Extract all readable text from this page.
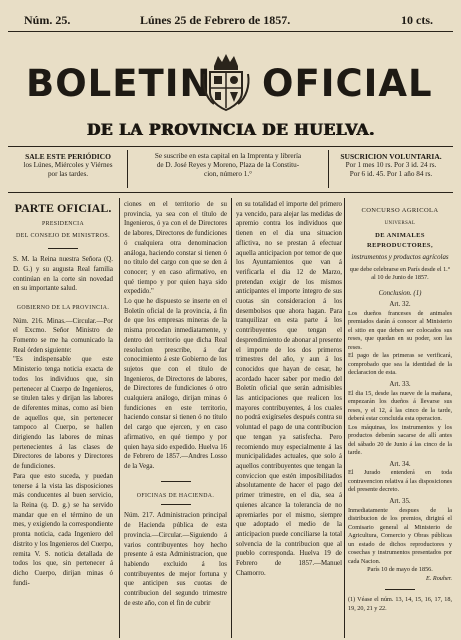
Núm. 25.	Lúnes 25 de Febrero de 1857.	10 cts.
BOLETIN OFICIAL
DE LA PROVINCIA DE HUELVA.
SALE ESTE PERIÓDICO
los Lúnes, Miércoles y Viérnes
por las tardes.
Se suscribe en esta capital en la Imprenta y librería
de D. José Reyes y Moreno, Plaza de la Constitu-
cion, número 1.°
SUSCRICION VOLUNTARIA.
Por 1 mes 10 rs. Por 3 id. 24 rs.
Por 6 id. 45. Por 1 año 84 rs.
PARTE OFICIAL.
PRESIDENCIA
DEL CONSEJO DE MINISTROS.

S. M. la Reina nuestra Señora (Q. D. G.) y su augusta Real familia continúan en la corte sin novedad en su importante salud.

GOBIERNO DE LA PROVINCIA.

Núm. 216. Minas.—Circular.—Por el Excmo. Señor Ministro de Fomento se me ha comunicado la Real órden siguiente:

"Es indispensable que este Ministerio tenga noticia exacta de todos los individuos que, sin pertenecer al Cuerpo de Ingenieros, se titulen tales y dirijan las labores de diferentes minas, como así bien de aquellos que, sin pertenecer tampoco al Cuerpo, se hallen dirigiendo las labores de minas pertenecientes á las clases de Directores de labores y Directores de fundiciones.

Para que esto suceda, y puedan tenerse á la vista las disposiciones más conducentes al buen servicio, la Reina (q. D. g.) se ha servido mandar que en el término de un mes, y exigiendo la correspondiente pronta noticia, cada Ingeniero del distrito y los Ingenieros del Cuerpo, remita V. S. noticia detallada de todos los que, sin pertenecer á dicho Cuerpo, dirijan minas ó fundi-

ciones en el territorio de su provincia, ya sea con el título de Ingenieros, ó ya con el de Directores de labores, Directores de fundiciones ó cualquiera otra denominacion análoga, haciendo constar si tienen ó no título del cargo con que se den á conocer; y en caso afirmativo, en qué tiempo y por quien haya sido expedido."

Lo que he dispuesto se inserte en el Boletín oficial de la provincia, á fin de que los empresas mineras de la misma procedan inmediatamente, y dentro del territorio que dicha Real resolucion prescribe, á dar conocimiento á este Gobierno de los sujetos que con el título de Ingenieros, de Directores de labores, de Directores de fundiciones ó otro cualquiera análogo, dirijan minas ó fundiciones en este territorio, haciendo constar si tienen ó no título del cargo que ejercen, y en caso afirmativo, en qué tiempo y por quien haya sido expedido. Huelva 16 de Febrero de 1857.—Andres Losso de la Vega.

OFICINAS DE HACIENDA.

Núm. 217. Administracion principal de Hacienda pública de esta provincia.—Circular.—Siguiendo á varios contribuyentes hoy hecho presente á esta Administracion, que habiendo excluido á los contribuyentes de mejor fortuna y que anticipen sus cuotas de contribucion del segundo trimestre de este año, con el fin de cubrir

en su totalidad el importe del primero ya vencido, para alejar las medidas de apremio contra los individuos que tienen en el dia una situacion aflictiva, no se prestan á efectuar aquella anticipacion por temor de que los Ayuntamientos que van á verificarla el dia 12 de Marzo, pretendan exigir de los mismos anticipantes el importe íntegro de sus cuotas sin consideracion á los desembolsos que ahora hagan. Para tranquilizar en esta parte á los contribuyentes que tengan el desprendimiento de abonar al presente el importe de los dos primeros trimestres del año, y aun á los conocidos que hayan de cesar, he acordado hacer saber por medio del Boletín oficial que serán admisibles las anticipaciones que realicen los mayores contribuyentes, á los cuales no podrá exigírseles después contra su voluntad el pago de una contribucion que tengan ya satisfecha. Pero recomiendo muy especialmente á las municipalidades actuales, que solo á aquellos contribuyentes que tengan la conviccion que estén imposibilitados absolutamente de hacer el pago del primer trimestre, en el dia, sea á quienes alcance la tolerancia de no apremiarles por el mismo, siempre que adoptado el medio de la anticipacion puede conciliarse la total solvencia de la contribucion que al pueblo corresponda. Huelva 19 de Febrero de 1857.—Manuel Chamorro.

CONCURSO AGRICOLA
UNIVERSAL
DE ANIMALES REPRODUCTORES,

instrumentos y productos agrícolas

que debe celebrarse en París desde el 1.° al 10 de Junio de 1857.

Conclusion. (1)

Art. 32.

Los dueños franceses de animales premiados darán á conocer al Ministerio el sitio en que deben ser colocados sus reses, que quedan en su poder, son las reses.

El pago de las primeras se verificará, comprobado que sea la identidad de la declaracion de esta.

Art. 33.

El dia 15, desde las nueve de la mañana, empezarán los dueños á llevarse sus reses, y el 12, á las cinco de la tarde, deberá estar concluida esta operacion.

Los máquinas, los instrumentos y los productos deberán sacarse de allí antes del sábado 20 de Junio á las cinco de la tarde.

Art. 34.

El Jurado entenderá en toda contravencion relativa á las disposiciones del presente decreto.

Art. 35.

Inmediatamente despues de la distribucion de los premios, dirigirá el Comisario general al Ministerio de Agricultura, Comercio y Obras públicas un estado de dichos reproductores y cosechas y instrumentos presentados por cada Nacion.

París 10 de mayo de 1856.

E. Rouher.

(1) Véase el núm. 13, 14, 15, 16, 17, 18, 19, 20, 21 y 22.
